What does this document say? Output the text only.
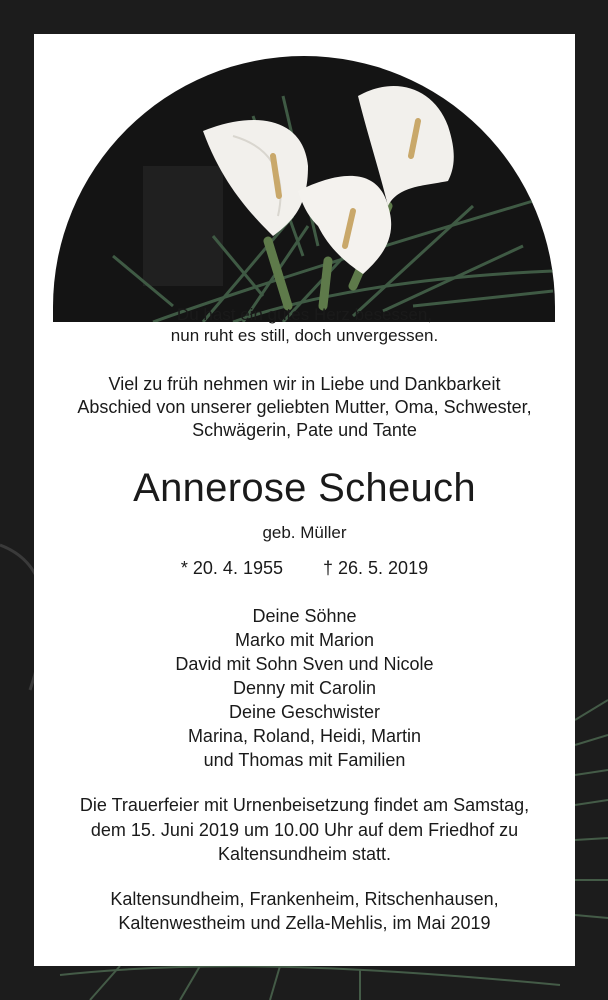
Du hast ein gutes Herz besessen,
nun ruht es still, doch unvergessen.
Viel zu früh nehmen wir in Liebe und Dankbarkeit
Abschied von unserer geliebten Mutter, Oma, Schwester,
Schwägerin, Pate und Tante
Annerose Scheuch
geb. Müller
* 20. 4. 1955 † 26. 5. 2019
Deine Söhne
Marko mit Marion
David mit Sohn Sven und Nicole
Denny mit Carolin
Deine Geschwister
Marina, Roland, Heidi, Martin
und Thomas mit Familien
Die Trauerfeier mit Urnenbeisetzung findet am Samstag,
dem 15. Juni 2019 um 10.00 Uhr auf dem Friedhof zu
Kaltensundheim statt.
Kaltensundheim, Frankenheim, Ritschenhausen,
Kaltenwestheim und Zella-Mehlis, im Mai 2019
